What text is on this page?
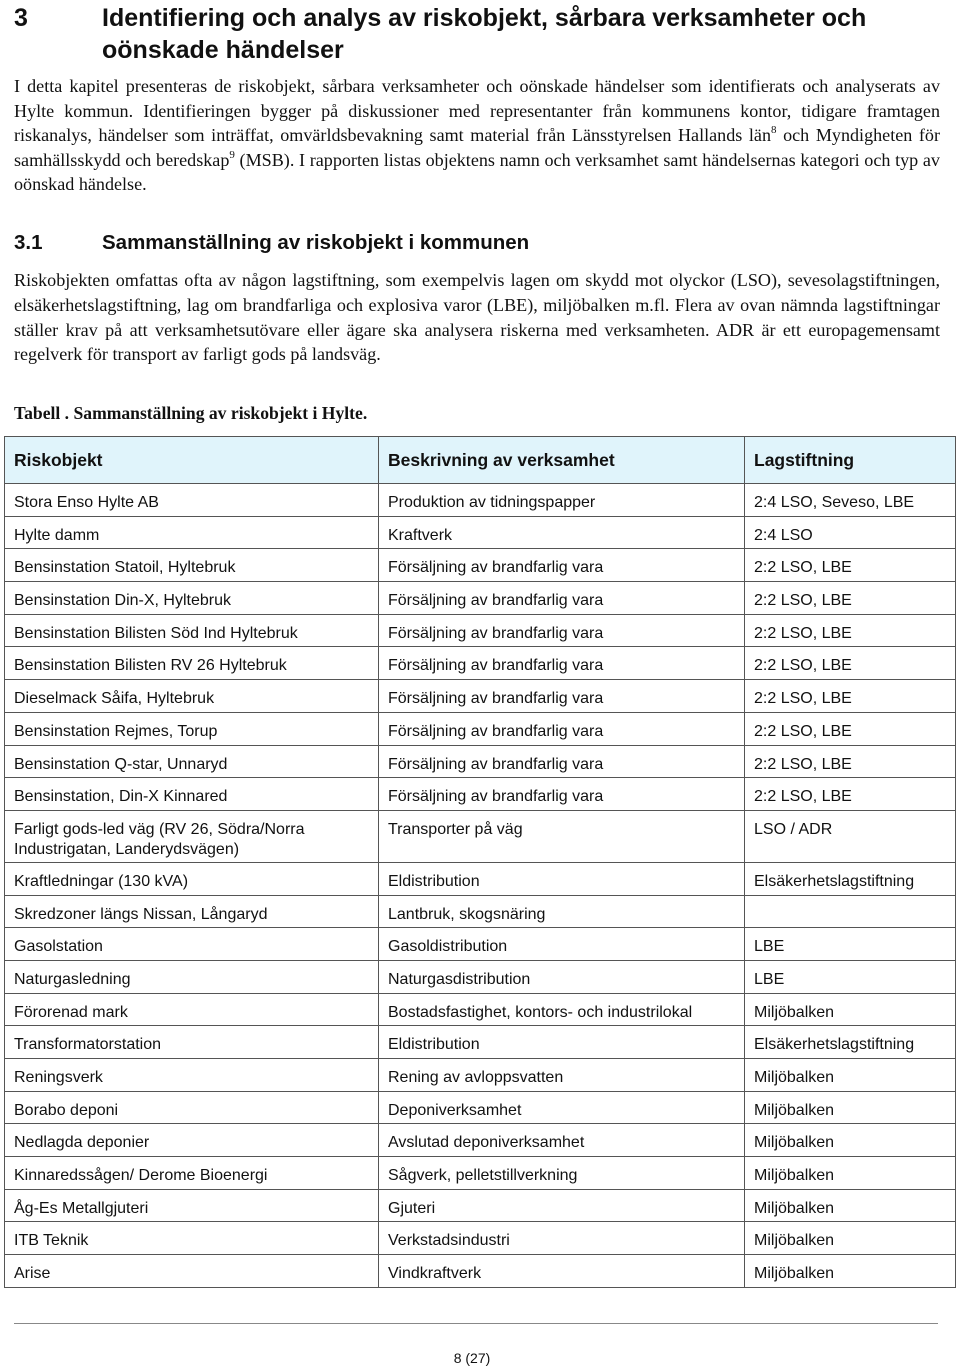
3	Identifiering och analys av riskobjekt, sårbara verksamheter och oönskade händelser
I detta kapitel presenteras de riskobjekt, sårbara verksamheter och oönskade händelser som identifierats och analyserats av Hylte kommun. Identifieringen bygger på diskussioner med representanter från kommunens kontor, tidigare framtagen riskanalys, händelser som inträffat, omvärldsbevakning samt material från Länsstyrelsen Hallands län$^8$ och Myndigheten för samhällsskydd och beredskap$^9$ (MSB). I rapporten listas objektens namn och verksamhet samt händelsernas kategori och typ av oönskad händelse.
3.1	Sammanställning av riskobjekt i kommunen
Riskobjekten omfattas ofta av någon lagstiftning, som exempelvis lagen om skydd mot olyckor (LSO), sevesolagstiftningen, elsäkerhetslagstiftning, lag om brandfarliga och explosiva varor (LBE), miljöbalken m.fl. Flera av ovan nämnda lagstiftningar ställer krav på att verksamhetsutövare eller ägare ska analysera riskerna med verksamheten. ADR är ett europagemensamt regelverk för transport av farligt gods på landsväg.
Tabell . Sammanställning av riskobjekt i Hylte.
Riskobjekt	Beskrivning av verksamhet	Lagstiftning
Stora Enso Hylte AB	Produktion av tidningspapper	2:4 LSO, Seveso, LBE
Hylte damm	Kraftverk	2:4 LSO
Bensinstation Statoil, Hyltebruk	Försäljning av brandfarlig vara	2:2 LSO, LBE
Bensinstation Din-X, Hyltebruk	Försäljning av brandfarlig vara	2:2 LSO, LBE
Bensinstation Bilisten Söd Ind Hyltebruk	Försäljning av brandfarlig vara	2:2 LSO, LBE
Bensinstation Bilisten RV 26 Hyltebruk	Försäljning av brandfarlig vara	2:2 LSO, LBE
Dieselmack Såifa, Hyltebruk	Försäljning av brandfarlig vara	2:2 LSO, LBE
Bensinstation Rejmes, Torup	Försäljning av brandfarlig vara	2:2 LSO, LBE
Bensinstation Q-star, Unnaryd	Försäljning av brandfarlig vara	2:2 LSO, LBE
Bensinstation, Din-X Kinnared	Försäljning av brandfarlig vara	2:2 LSO, LBE
Farligt gods-led väg (RV 26, Södra/Norra Industrigatan, Landerydsvägen)	Transporter på väg	LSO / ADR
Kraftledningar (130 kVA)	Eldistribution	Elsäkerhetslagstiftning
Skredzoner längs Nissan, Långaryd	Lantbruk, skogsnäring	
Gasolstation	Gasoldistribution	LBE
Naturgasledning	Naturgasdistribution	LBE
Förorenad mark	Bostadsfastighet, kontors- och industrilokal	Miljöbalken
Transformatorstation	Eldistribution	Elsäkerhetslagstiftning
Reningsverk	Rening av avloppsvatten	Miljöbalken
Borabo deponi	Deponiverksamhet	Miljöbalken
Nedlagda deponier	Avslutad deponiverksamhet	Miljöbalken
Kinnaredssågen/ Derome Bioenergi	Sågverk, pelletstillverkning	Miljöbalken
Åg-Es Metallgjuteri	Gjuteri	Miljöbalken
ITB Teknik	Verkstadsindustri	Miljöbalken
Arise	Vindkraftverk	Miljöbalken
8 (27)
